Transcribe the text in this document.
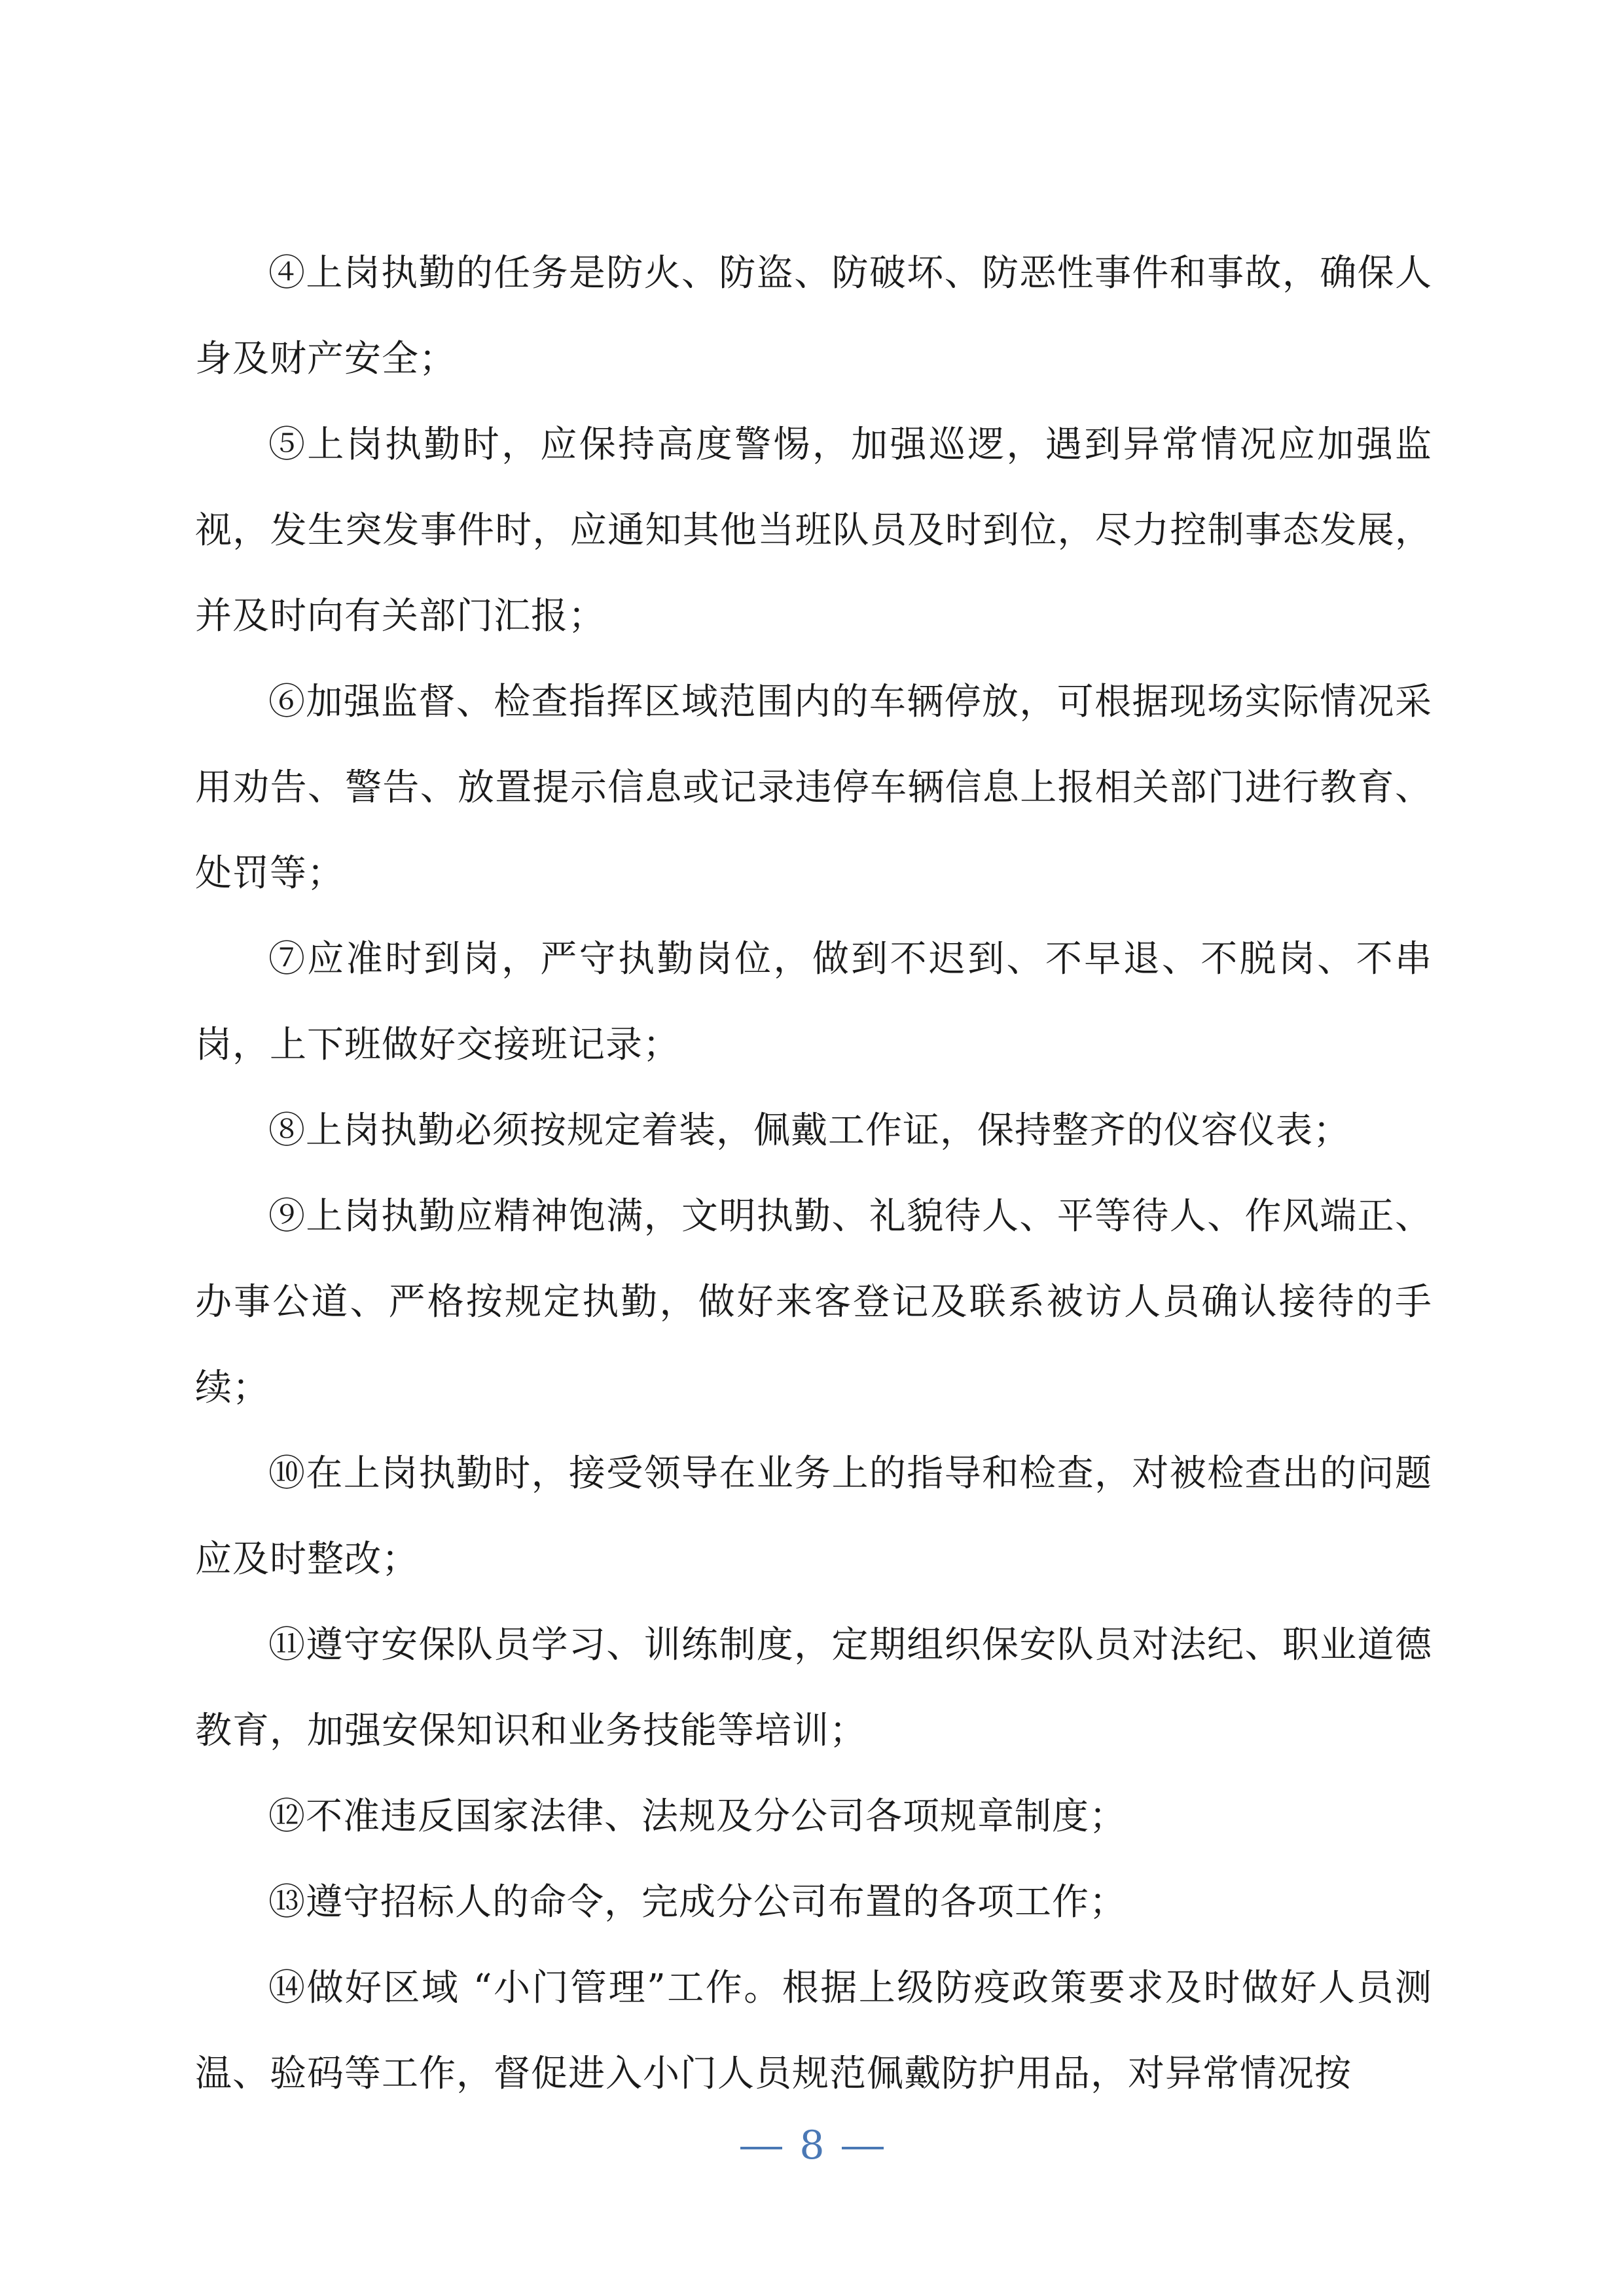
④上岗执勤的任务是防火、防盗、防破坏、防恶性事件和事故，确保人身及财产安全；

⑤上岗执勤时，应保持高度警惕，加强巡逻，遇到异常情况应加强监视，发生突发事件时，应通知其他当班队员及时到位，尽力控制事态发展，并及时向有关部门汇报；

⑥加强监督、检查指挥区域范围内的车辆停放，可根据现场实际情况采用劝告、警告、放置提示信息或记录违停车辆信息上报相关部门进行教育、处罚等；

⑦应准时到岗，严守执勤岗位，做到不迟到、不早退、不脱岗、不串岗，上下班做好交接班记录；

⑧上岗执勤必须按规定着装，佩戴工作证，保持整齐的仪容仪表；

⑨上岗执勤应精神饱满，文明执勤、礼貌待人、平等待人、作风端正、办事公道、严格按规定执勤，做好来客登记及联系被访人员确认接待的手续；

⑩在上岗执勤时，接受领导在业务上的指导和检查，对被检查出的问题应及时整改；

⑪遵守安保队员学习、训练制度，定期组织保安队员对法纪、职业道德教育，加强安保知识和业务技能等培训；

⑫不准违反国家法律、法规及分公司各项规章制度；

⑬遵守招标人的命令，完成分公司布置的各项工作；

⑭做好区域 “小门管理”工作。根据上级防疫政策要求及时做好人员测温、验码等工作，督促进入小门人员规范佩戴防护用品，对异常情况按

8
